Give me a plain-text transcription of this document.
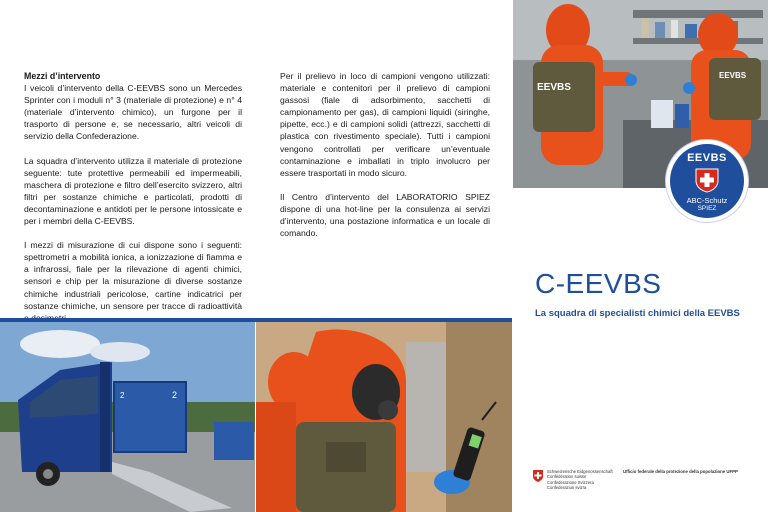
Mezzi d’intervento

I veicoli d’intervento della C-EEVBS sono un Mercedes Sprinter con i moduli n° 3 (materiale di protezione) e n° 4 (materiale d’intervento chimico), un furgone per il trasporto di persone e, se necessario, altri veicoli di servizio della Confederazione.

La squadra d’intervento utilizza il materiale di protezione seguente: tute protettive permeabili ed impermeabili, maschera di protezione e filtro dell’esercito svizzero, altri filtri per sostanze chimiche e particolati, prodotti di decontaminazione e antidoti per le persone intossicate e per i membri della C-EEVBS.

I mezzi di misurazione di cui dispone sono i seguenti: spettrometri a mobilità ionica, a ionizzazione di fiamma e a infrarossi, fiale per la rilevazione di agenti chimici, sensori e chip per la misurazione di diverse sostanze chimiche industriali pericolose, cartine indicatrici per sostanze chimiche, un sensore per tracce di radioattività

Per il prelievo in loco di campioni vengono utilizzati: materiale e contenitori per il prelievo di campioni gassosi (fiale di adsorbimento, sacchetti di campionamento per gas), di campioni liquidi (siringhe, pipette, ecc.) e di campioni solidi (attrezzi, sacchetti di plastica con rivestimento speciale). Tutti i campioni vengono controllati per verificare un’eventuale contaminazione e imballati in triplo involucro per essere trasportati in modo sicuro.

Il Centro d’intervento del LABORATORIO SPIEZ dispone di una hot-line per la consulenza ai servizi d’intervento, una postazione informatica e un locale di comando.

EEVBS
EEVBS
EEVBS
ABC-Schutz
SPIEZ
C-EEVBS
La squadra di specialisti chimici della EEVBS
2	2
Schweizerische Eidgenossenschaft
Confédération suisse
Confederazione Svizzera
Confederaziun svizra
Ufficio federale della protezione della popolazione UFPP
